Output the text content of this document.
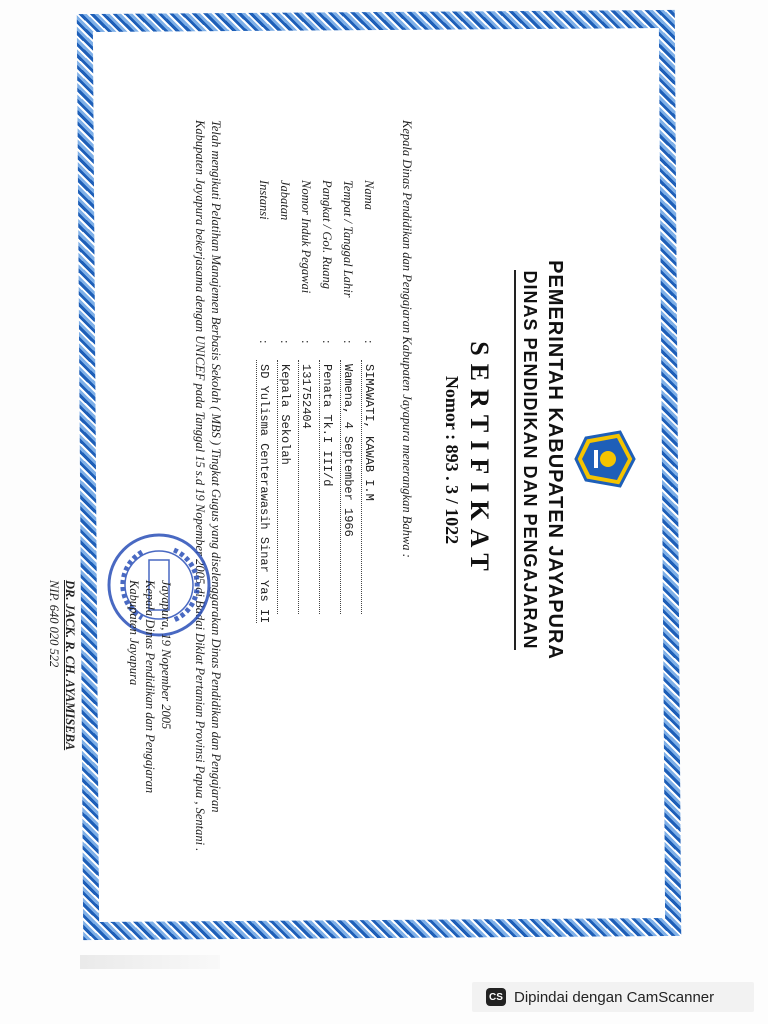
PEMERINTAH KABUPATEN JAYAPURA
DINAS PENDIDIKAN DAN PENGAJARAN
SERTIFIKAT
Nomor : 893 . 3 / 1022
Kepala Dinas Pendidikan dan Pengajaran Kabupaten Jayapura menerangkan Bahwa :
Nama
:
SIMAWATI, KAWAB I.M
Tempat / Tanggal Lahir
:
Wamena, 4 September 1966
Pangkat / Gol. Ruang
:
Penata Tk.I III/d
Nomor Induk Pegawai
:
131752404
Jabatan
:
Kepala Sekolah
Instansi
:
SD Yulisma Centerawasih Sinar Yas II
Telah mengikuti Pelatihan Manajemen Berbasis Sekolah ( MBS ) Tingkat Gugus yang diselenggarakan Dinas Pendidikan dan Pengajaran Kabupaten Jayapura bekerjasama dengan UNICEF pada Tanggal 15 s.d 19 Nopember 2005 di Badai Diklat Pertanian Provinsi Papua , Sentani .
Jayapura, 19 Nopember 2005
Kepala Dinas Pendidikan dan Pengajaran
Kabupaten Jayapura
DR. JACK. R. CH. AYAMISEBA
NIP. 640 020 522
CS Dipindai dengan CamScanner
